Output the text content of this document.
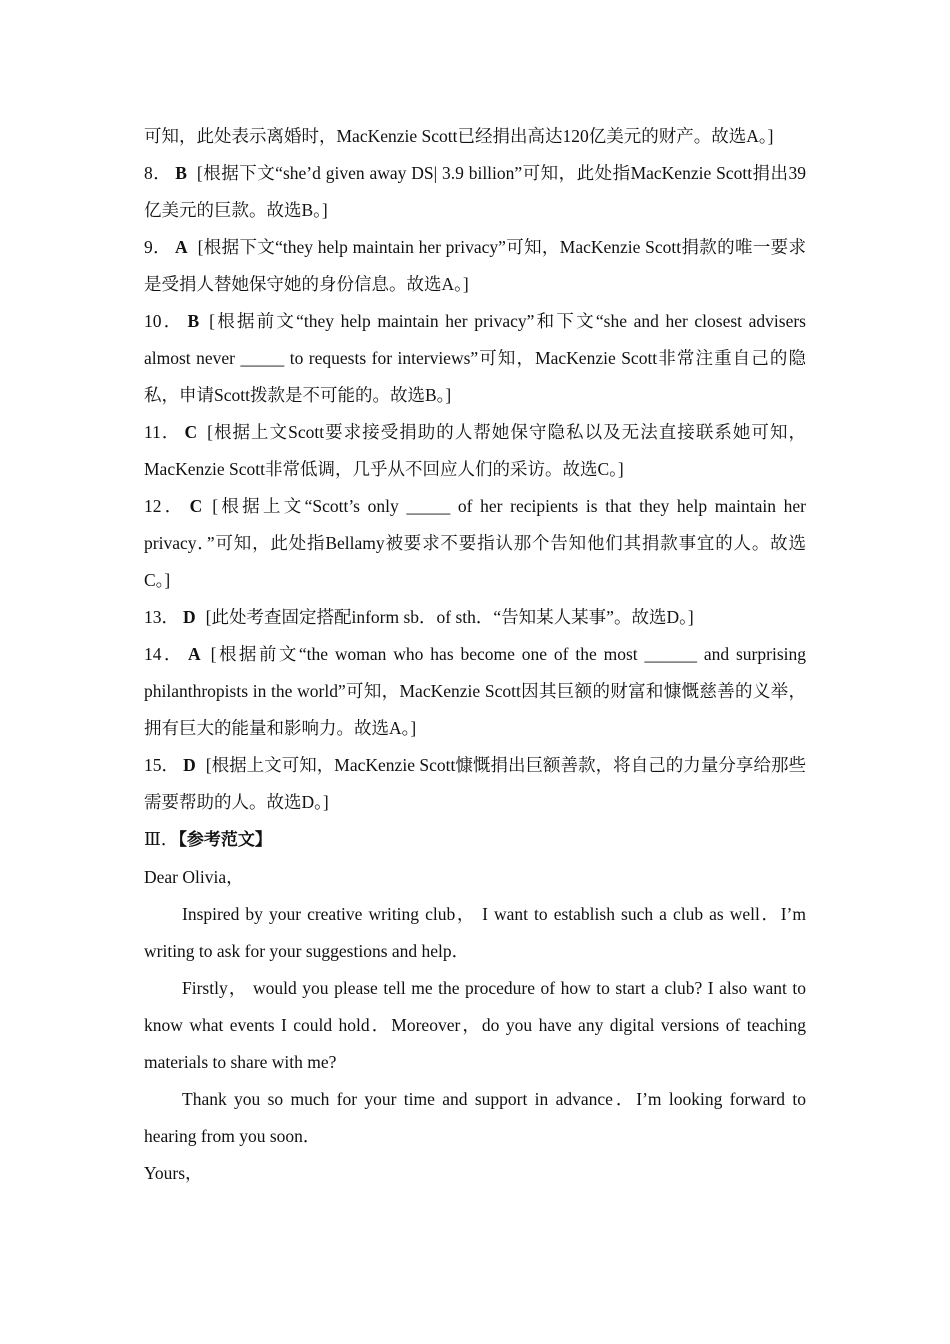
可知，此处表示离婚时，MacKenzie Scott已经捐出高达120亿美元的财产。故选A。]

8． B [根据下文“she’d given away DS| 3.9 billion”可知，此处指MacKenzie Scott捐出39亿美元的巨款。故选B。]

9． A [根据下文“they help maintain her privacy”可知，MacKenzie Scott捐款的唯一要求是受捐人替她保守她的身份信息。故选A。]

10． B [根据前文“they help maintain her privacy”和下文“she and her closest advisers almost never _____ to requests for interviews”可知，MacKenzie Scott非常注重自己的隐私，申请Scott拨款是不可能的。故选B。]

11． C [根据上文Scott要求接受捐助的人帮她保守隐私以及无法直接联系她可知，MacKenzie Scott非常低调，几乎从不回应人们的采访。故选C。]

12． C [根据上文“Scott’s only _____ of her recipients is that they help maintain her privacy．”可知，此处指Bellamy被要求不要指认那个告知他们其捐款事宜的人。故选C。]

13． D [此处考查固定搭配inform sb．of sth．“告知某人某事”。故选D。]

14． A [根据前文“the woman who has become one of the most ______ and surprising philanthropists in the world”可知，MacKenzie Scott因其巨额的财富和慷慨慈善的义举，拥有巨大的能量和影响力。故选A。]

15． D [根据上文可知，MacKenzie Scott慷慨捐出巨额善款，将自己的力量分享给那些需要帮助的人。故选D。]

Ⅲ．【参考范文】

Dear Olivia，

Inspired by your creative writing club， I want to establish such a club as well．I’m writing to ask for your suggestions and help．

Firstly， would you please tell me the procedure of how to start a club? I also want to know what events I could hold．Moreover，do you have any digital versions of teaching materials to share with me?

Thank you so much for your time and support in advance．I’m looking forward to hearing from you soon．

Yours，
